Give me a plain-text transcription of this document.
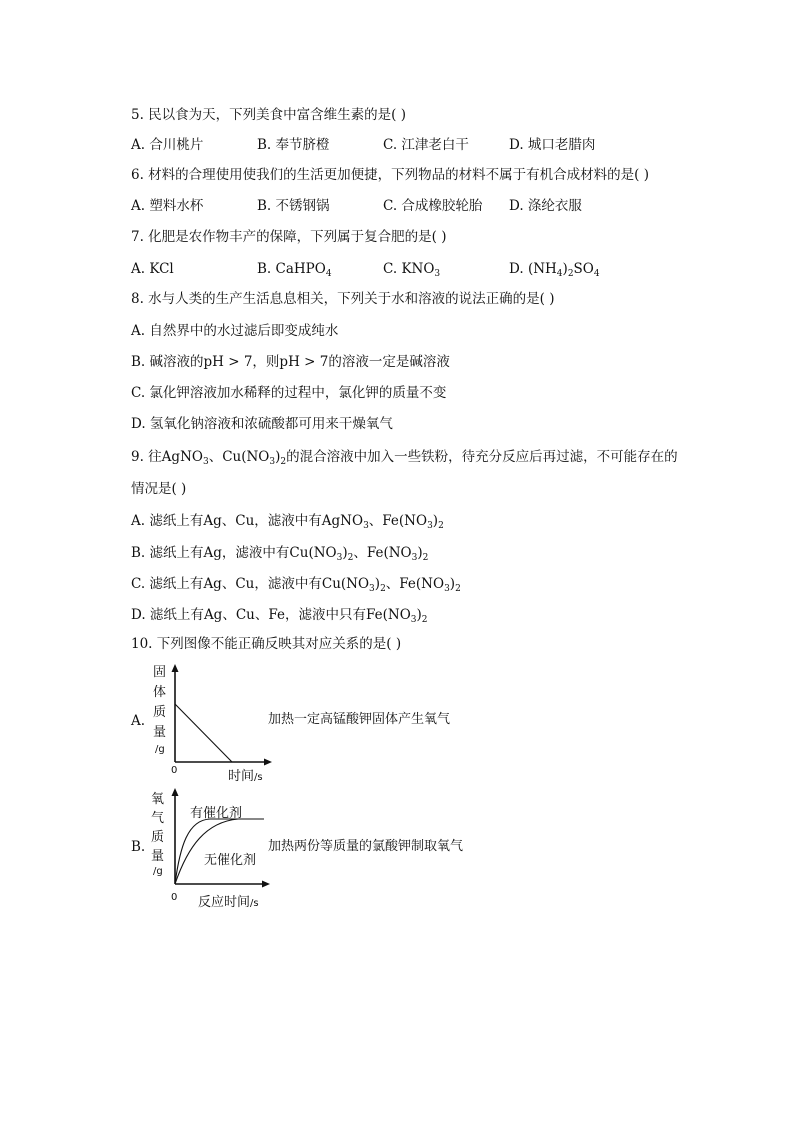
5. 民以食为天，下列美食中富含维生素的是( )
A. 合川桃片	B. 奉节脐橙	C. 江津老白干	D. 城口老腊肉
6. 材料的合理使用使我们的生活更加便捷，下列物品的材料不属于有机合成材料的是( )
A. 塑料水杯	B. 不锈钢锅	C. 合成橡胶轮胎 D. 涤纶衣服
7. 化肥是农作物丰产的保障，下列属于复合肥的是( )
A. KCl	B. CaHPO$_4$	C. $KNO_3$	D. $(NH_4)_2SO_4$
8. 水与人类的生产生活息息相关，下列关于水和溶液的说法正确的是( )
A. 自然界中的水过滤后即变成纯水
B. 碱溶液的pH > 7，则pH > 7的溶液一定是碱溶液
C. 氯化钾溶液加水稀释的过程中，氯化钾的质量不变
D. 氢氧化钠溶液和浓硫酸都可用来干燥氧气
9. 往AgNO$_3$、$Cu(NO_3)_2$的混合溶液中加入一些铁粉，待充分反应后再过滤，不可能存在的
情况是( )
A. 滤纸上有Ag、Cu，滤液中有AgNO$_3$、$Fe(NO_3)_2$
B. 滤纸上有Ag，滤液中有$Cu(NO_3)_2$、$Fe(NO_3)_2$
C. 滤纸上有Ag、Cu，滤液中有$Cu(NO_3)_2$、$Fe(NO_3)_2$
D. 滤纸上有Ag、Cu、Fe，滤液中只有$Fe(NO_3)_2$
10. 下列图像不能正确反映其对应关系的是( )
A.
固
体
质
量
/g
0	时间/s
加热一定高锰酸钾固体产生氧气
B.
氧
气
质
量
/g
0 反应时间/s
有催化剂
无催化剂
加热两份等质量的氯酸钾制取氧气
